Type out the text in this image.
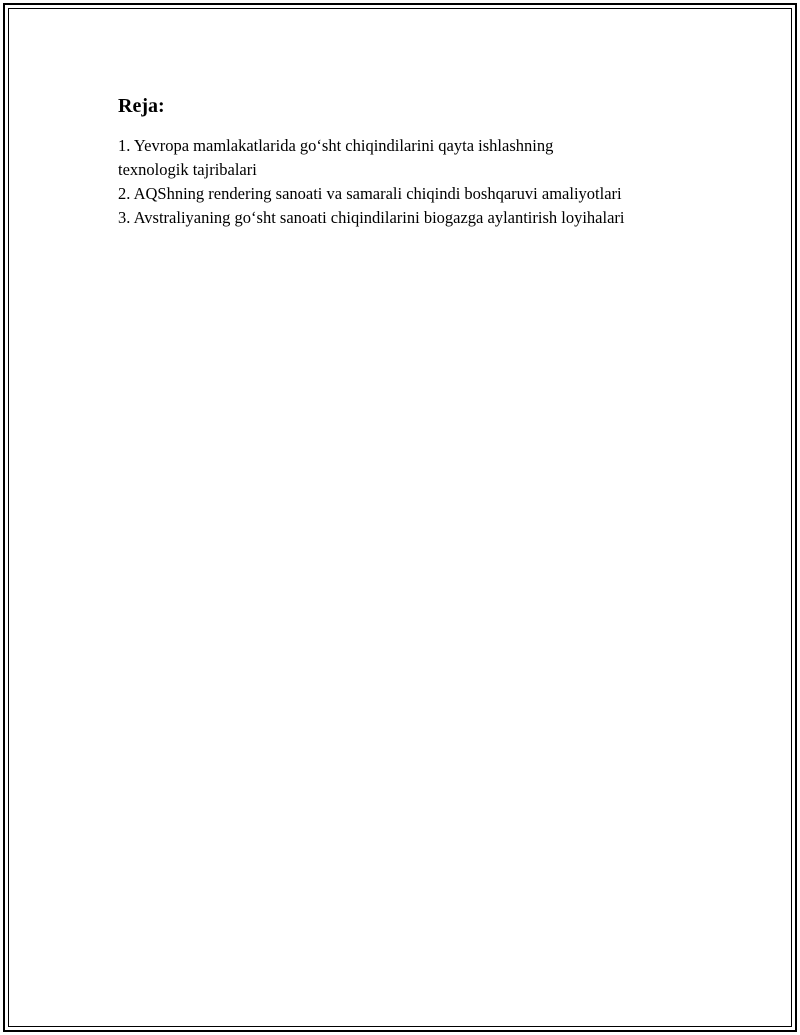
Reja:
1. Yevropa mamlakatlarida go‘sht chiqindilarini qayta ishlashning texnologik tajribalari
2. AQShning rendering sanoati va samarali chiqindi boshqaruvi amaliyotlari
3. Avstraliyaning go‘sht sanoati chiqindilarini biogazga aylantirish loyihalari
